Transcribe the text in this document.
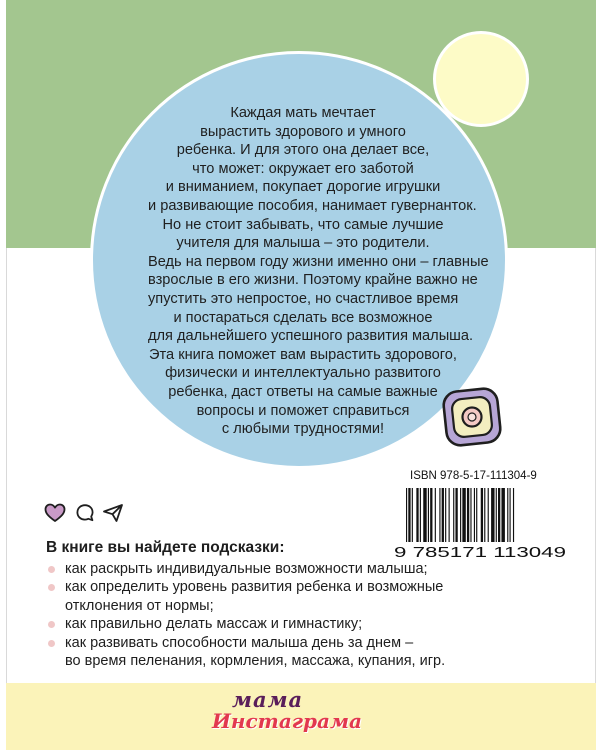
Каждая мать мечтает
вырастить здорового и умного
ребенка. И для этого она делает все,
что может: окружает его заботой
и вниманием, покупает дорогие игрушки
и развивающие пособия, нанимает гувернанток.
Но не стоит забывать, что самые лучшие
учителя для малыша – это родители.
Ведь на первом году жизни именно они – главные
взрослые в его жизни. Поэтому крайне важно не
упустить это непростое, но счастливое время
и постараться сделать все возможное
для дальнейшего успешного развития малыша.
Эта книга поможет вам вырастить здорового,
физически и интеллектуально развитого
ребенка, даст ответы на самые важные
вопросы и поможет справиться
с любыми трудностями!
ISBN 978-5-17-111304-9
9 785171 113049
В книге вы найдете подсказки:
как раскрыть индивидуальные возможности малыша;
как определить уровень развития ребенка и возможные
отклонения от нормы;
как правильно делать массаж и гимнастику;
как развивать способности малыша день за днем –
во время пеленания, кормления, массажа, купания, игр.
мама
Инстаграма
